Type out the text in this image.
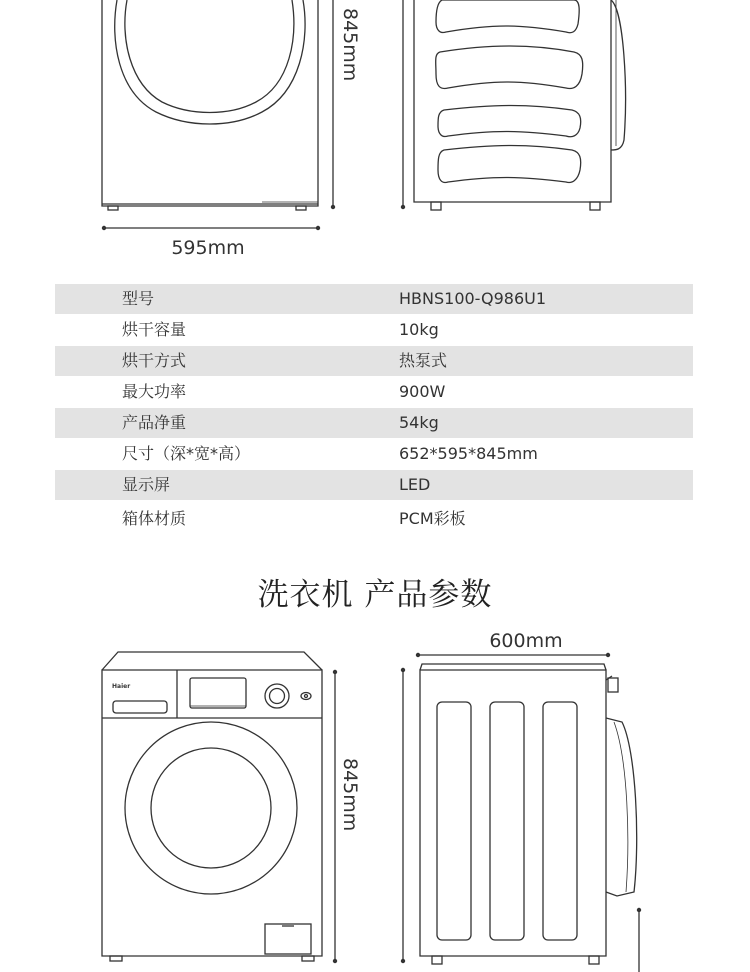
845mm
595mm
型号	HBNS100-Q986U1
烘干容量	10kg
烘干方式	热泵式
最大功率	900W
产品净重	54kg
尺寸（深*宽*高）	652*595*845mm
显示屏	LED
箱体材质	PCM彩板
洗衣机 产品参数
Haier
600mm
845mm
